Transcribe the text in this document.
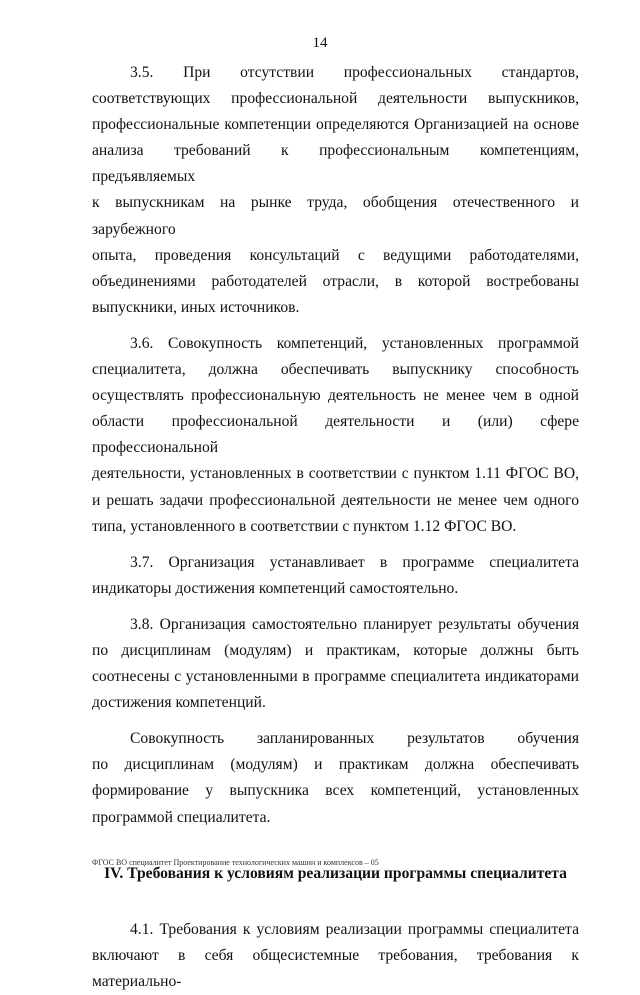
14

3.5. При отсутствии профессиональных стандартов,
соответствующих профессиональной деятельности выпускников,
профессиональные компетенции определяются Организацией на основе
анализа требований к профессиональным компетенциям, предъявляемых
к выпускникам на рынке труда, обобщения отечественного и зарубежного
опыта, проведения консультаций с ведущими работодателями,
объединениями работодателей отрасли, в которой востребованы
выпускники, иных источников.

3.6. Совокупность компетенций, установленных программой
специалитета, должна обеспечивать выпускнику способность
осуществлять профессиональную деятельность не менее чем в одной
области профессиональной деятельности и (или) сфере профессиональной
деятельности, установленных в соответствии с пунктом 1.11 ФГОС ВО,
и решать задачи профессиональной деятельности не менее чем одного
типа, установленного в соответствии с пунктом 1.12 ФГОС ВО.

3.7. Организация устанавливает в программе специалитета
индикаторы достижения компетенций самостоятельно.

3.8. Организация самостоятельно планирует результаты обучения
по дисциплинам (модулям) и практикам, которые должны быть
соотнесены с установленными в программе специалитета индикаторами
достижения компетенций.

Совокупность запланированных результатов обучения
по дисциплинам (модулям) и практикам должна обеспечивать
формирование у выпускника всех компетенций, установленных
программой специалитета.

IV. Требования к условиям реализации программы специалитета

4.1. Требования к условиям реализации программы специалитета
включают в себя общесистемные требования, требования к материально-

ФГОС ВО специалитет Проектирование технологических машин и комплексов – 05
